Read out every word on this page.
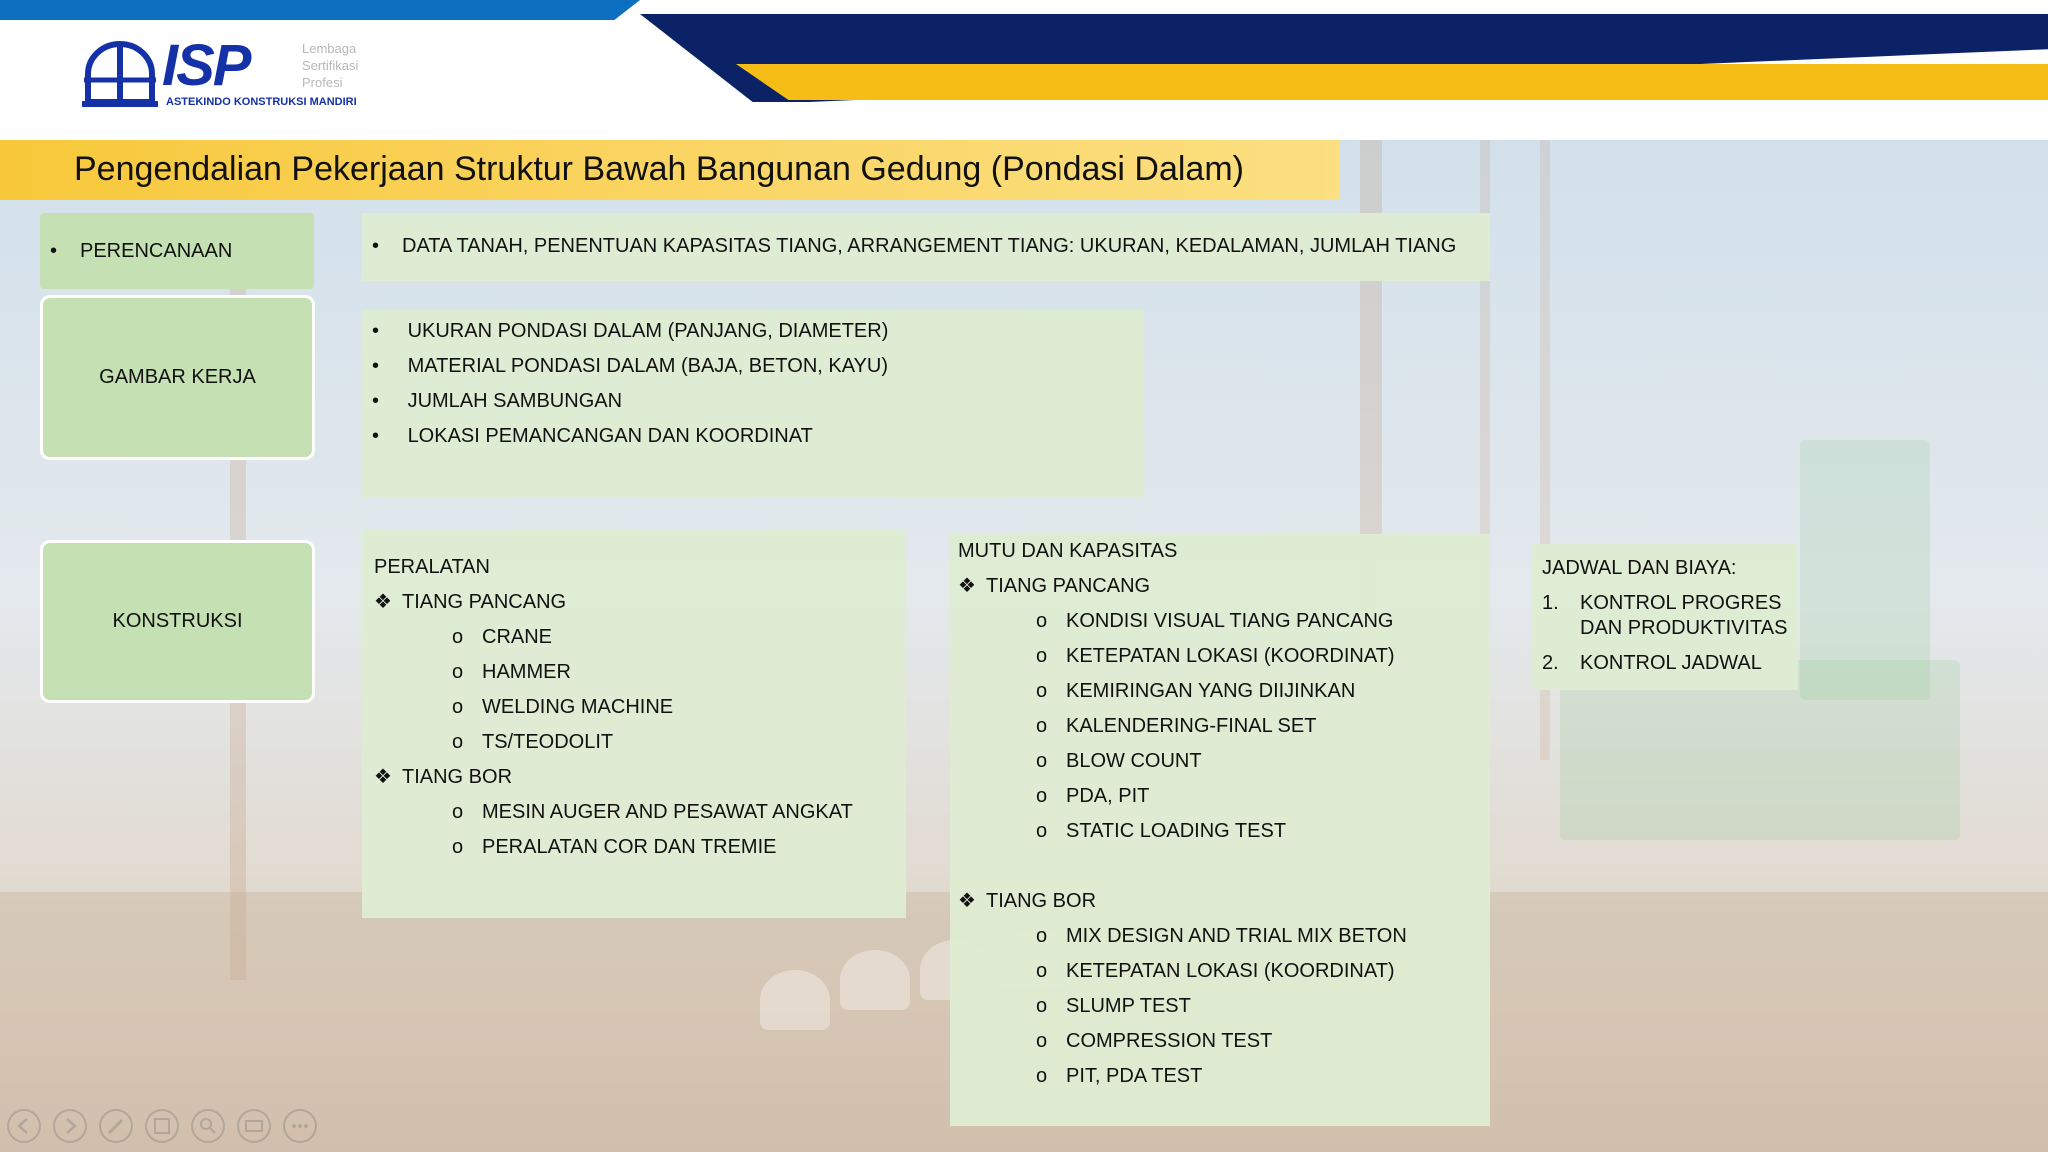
ISP	Lembaga
Sertifikasi
Profesi
ASTEKINDO KONSTRUKSI MANDIRI
Pengendalian Pekerjaan Struktur Bawah Bangunan Gedung (Pondasi Dalam)
•
PERENCANAAN
•	DATA TANAH, PENENTUAN KAPASITAS TIANG, ARRANGEMENT TIANG: UKURAN, KEDALAMAN, JUMLAH TIANG
GAMBAR KERJA
•

UKURAN PONDASI DALAM (PANJANG, DIAMETER)
•

MATERIAL PONDASI DALAM (BAJA, BETON, KAYU)
•

JUMLAH SAMBUNGAN
•

LOKASI PEMANCANGAN DAN KOORDINAT
KONSTRUKSI
PERALATAN
❖ TIANG PANCANG
o CRANE
o HAMMER
o WELDING MACHINE
o TS/TEODOLIT
❖ TIANG BOR
o MESIN AUGER AND PESAWAT ANGKAT
o PERALATAN COR DAN TREMIE
MUTU DAN KAPASITAS
❖ TIANG PANCANG
o KONDISI VISUAL TIANG PANCANG
o KETEPATAN LOKASI (KOORDINAT)
o KEMIRINGAN YANG DIIJINKAN
o KALENDERING-FINAL SET
o BLOW COUNT
o PDA, PIT
o STATIC LOADING TEST
❖ TIANG BOR
o MIX DESIGN AND TRIAL MIX BETON
o KETEPATAN LOKASI (KOORDINAT)
o SLUMP TEST
o COMPRESSION TEST
o PIT, PDA TEST
JADWAL DAN BIAYA:
1.	KONTROL PROGRES
DAN PRODUKTIVITAS
2.	KONTROL JADWAL
